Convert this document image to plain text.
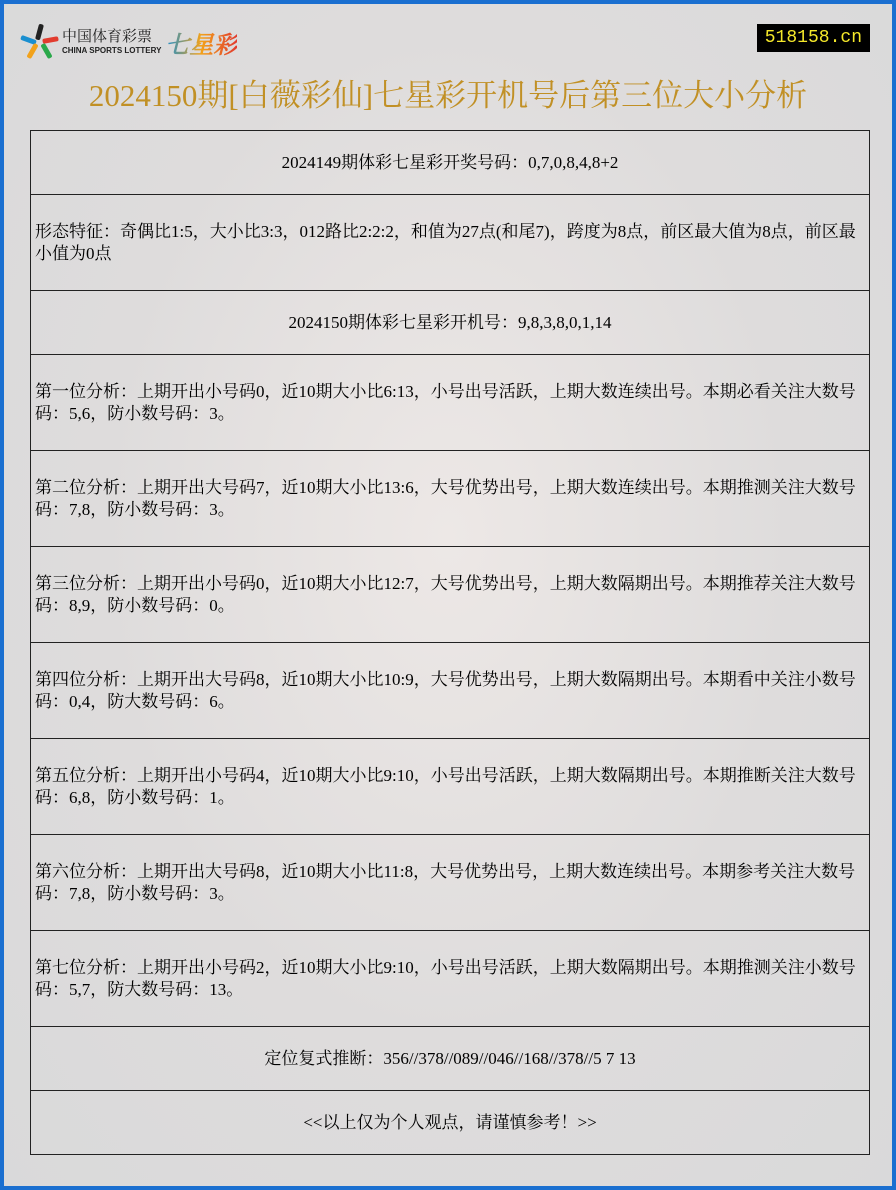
中国体育彩票
CHINA SPORTS LOTTERY 七星彩	518158.cn
2024150期[白薇彩仙]七星彩开机号后第三位大小分析
2024149期体彩七星彩开奖号码：0,7,0,8,4,8+2
形态特征：奇偶比1:5，大小比3:3，012路比2:2:2，和值为27点(和尾7)，跨度为8点，前区最大值为8点，前区最小值为0点
2024150期体彩七星彩开机号：9,8,3,8,0,1,14
第一位分析：上期开出小号码0，近10期大小比6:13，小号出号活跃，上期大数连续出号。本期必看关注大数号码：5,6，防小数号码：3。
第二位分析：上期开出大号码7，近10期大小比13:6，大号优势出号，上期大数连续出号。本期推测关注大数号码：7,8，防小数号码：3。
第三位分析：上期开出小号码0，近10期大小比12:7，大号优势出号，上期大数隔期出号。本期推荐关注大数号码：8,9，防小数号码：0。
第四位分析：上期开出大号码8，近10期大小比10:9，大号优势出号，上期大数隔期出号。本期看中关注小数号码：0,4，防大数号码：6。
第五位分析：上期开出小号码4，近10期大小比9:10，小号出号活跃，上期大数隔期出号。本期推断关注大数号码：6,8，防小数号码：1。
第六位分析：上期开出大号码8，近10期大小比11:8，大号优势出号，上期大数连续出号。本期参考关注大数号码：7,8，防小数号码：3。
第七位分析：上期开出小号码2，近10期大小比9:10，小号出号活跃，上期大数隔期出号。本期推测关注小数号码：5,7，防大数号码：13。
定位复式推断：356//378//089//046//168//378//5 7 13
<<以上仅为个人观点，请谨慎参考！>>
